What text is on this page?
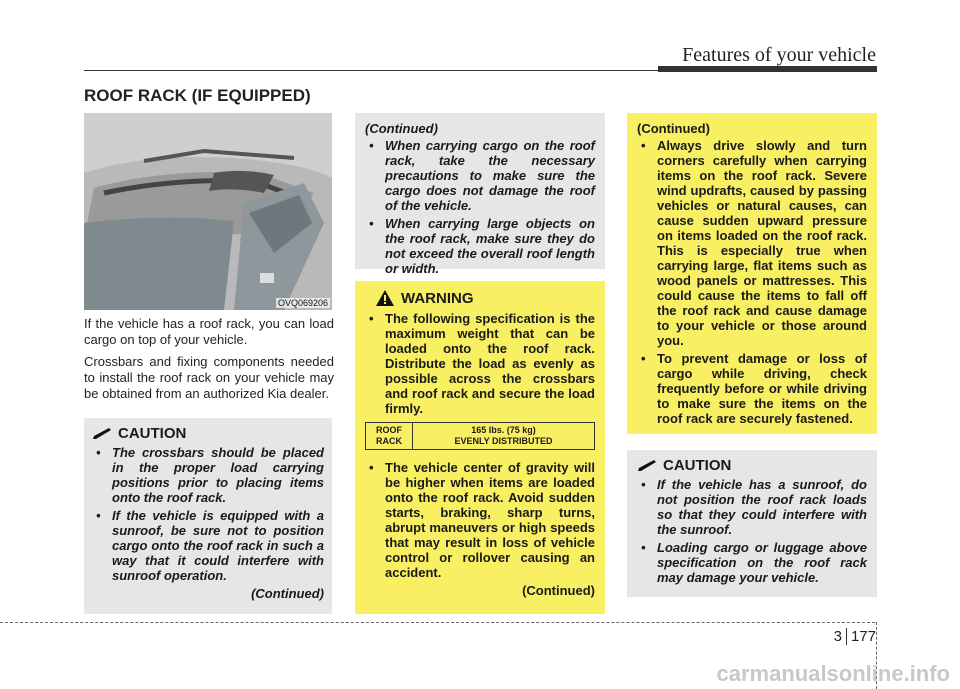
Features of your vehicle
ROOF RACK (IF EQUIPPED)
OVQ069206

If the vehicle has a roof rack, you can load cargo on top of your vehicle.

Crossbars and fixing components needed to install the roof rack on your vehicle may be obtained from an authorized Kia dealer.

CAUTION
• The crossbars should be placed in the proper load carrying positions prior to placing items onto the roof rack.
• If the vehicle is equipped with a sunroof, be sure not to position cargo onto the roof rack in such a way that it could interfere with sunroof operation.
(Continued)
(Continued)
• When carrying cargo on the roof rack, take the necessary precautions to make sure the cargo does not damage the roof of the vehicle.
• When carrying large objects on the roof rack, make sure they do not exceed the overall roof length or width.
WARNING
• The following specification is the maximum weight that can be loaded onto the roof rack. Distribute the load as evenly as possible across the crossbars and roof rack and secure the load firmly.
ROOF
RACK

165 lbs. (75 kg)
EVENLY DISTRIBUTED
• The vehicle center of gravity will be higher when items are loaded onto the roof rack. Avoid sudden starts, braking, sharp turns, abrupt maneuvers or high speeds that may result in loss of vehicle control or rollover causing an accident.
(Continued)
(Continued)
• Always drive slowly and turn corners carefully when carrying items on the roof rack. Severe wind updrafts, caused by passing vehicles or natural causes, can cause sudden upward pressure on items loaded on the roof rack. This is especially true when carrying large, flat items such as wood panels or mattresses. This could cause the items to fall off the roof rack and cause damage to your vehicle or those around you.
• To prevent damage or loss of cargo while driving, check frequently before or while driving to make sure the items on the roof rack are securely fastened.
CAUTION
• If the vehicle has a sunroof, do not position the roof rack loads so that they could interfere with the sunroof.
• Loading cargo or luggage above specification on the roof rack may damage your vehicle.
3 177
carmanualsonline.info
